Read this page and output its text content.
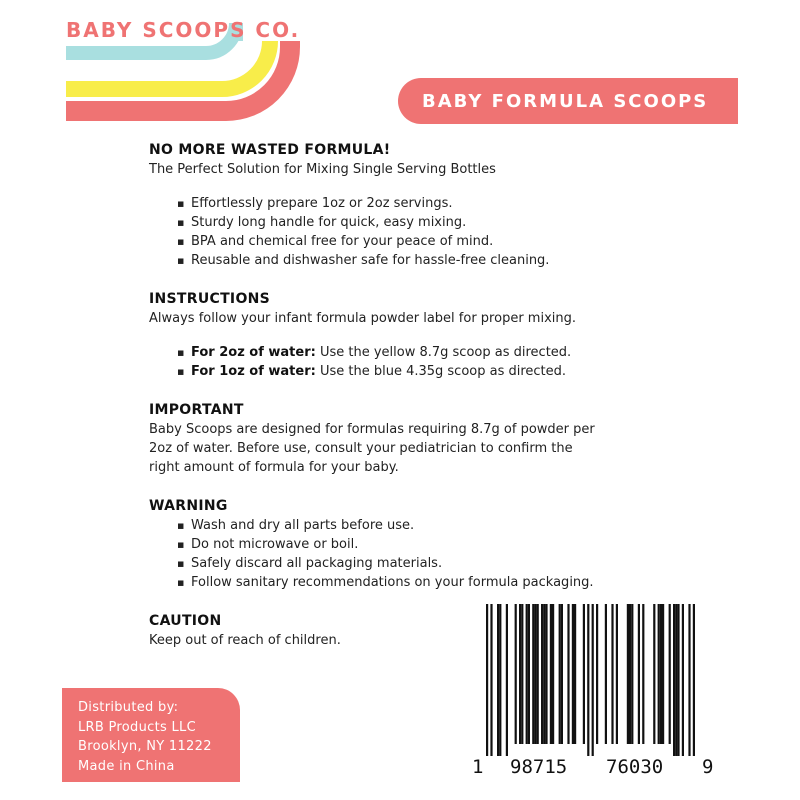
BABY SCOOPS CO.
BABY FORMULA SCOOPS
NO MORE WASTED FORMULA!

The Perfect Solution for Mixing Single Serving Bottles

▪ Effortlessly prepare 1oz or 2oz servings.
▪ Sturdy long handle for quick, easy mixing.
▪ BPA and chemical free for your peace of mind.
▪ Reusable and dishwasher safe for hassle-free cleaning.
INSTRUCTIONS

Always follow your infant formula powder label for proper mixing.

▪ For 2oz of water: Use the yellow 8.7g scoop as directed.
▪ For 1oz of water: Use the blue 4.35g scoop as directed.
IMPORTANT

Baby Scoops are designed for formulas requiring 8.7g of powder per

2oz of water. Before use, consult your pediatrician to confirm the

right amount of formula for your baby.

WARNING
▪ Wash and dry all parts before use.
▪ Do not microwave or boil.
▪ Safely discard all packaging materials.
▪ Follow sanitary recommendations on your formula packaging.
CAUTION

Keep out of reach of children.

Distributed by:
LRB Products LLC
Brooklyn, NY 11222
Made in China	1 98715 76030 9
